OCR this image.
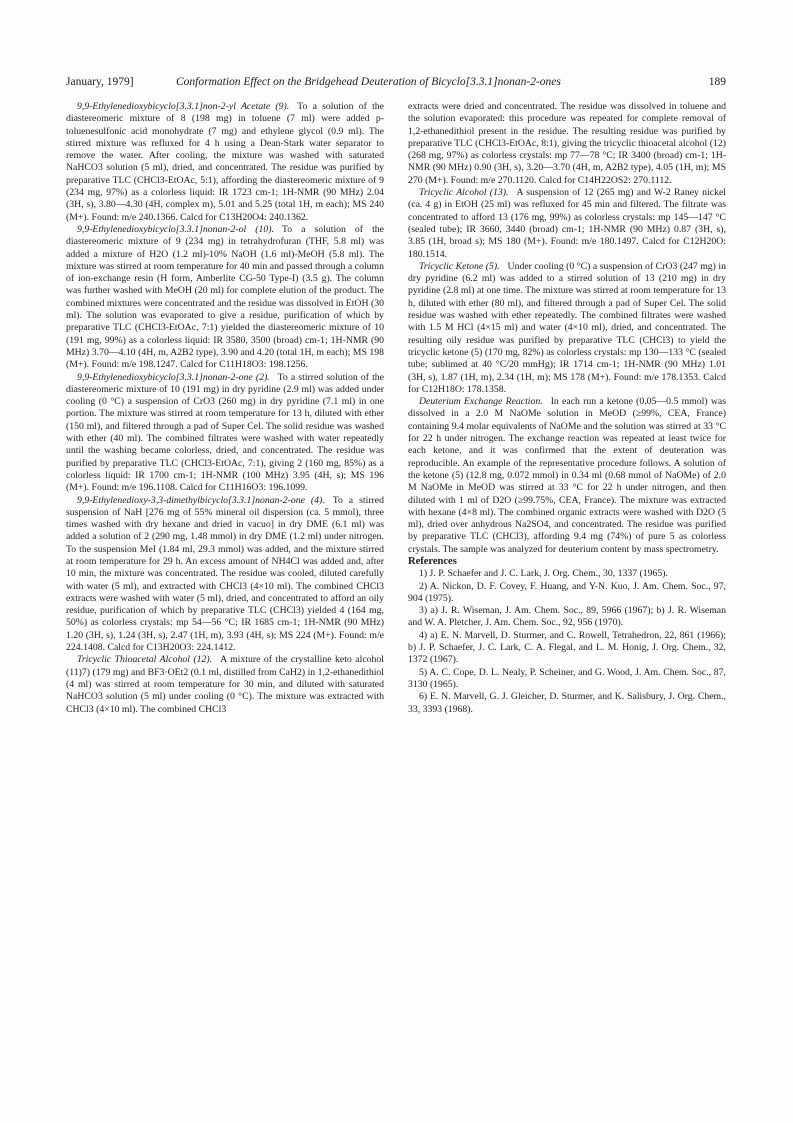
January, 1979]	Conformation Effect on the Bridgehead Deuteration of Bicyclo[3.3.1]nonan-2-ones	189

9,9-Ethylenedioxybicyclo[3.3.1]non-2-yl Acetate (9). To a solution of the diastereomeric mixture of 8 (198 mg) in toluene (7 ml) were added p-toluenesulfonic acid monohydrate (7 mg) and ethylene glycol (0.9 ml). The stirred mixture was refluxed for 4 h using a Dean-Stark water separator to remove the water. After cooling, the mixture was washed with saturated NaHCO3 solution (5 ml), dried, and concentrated. The residue was purified by preparative TLC (CHCl3-EtOAc, 5:1), affording the diastereomeric mixture of 9 (234 mg, 97%) as a colorless liquid: IR 1723 cm-1; 1H-NMR (90 MHz) 2.04 (3H, s), 3.80—4.30 (4H, complex m), 5.01 and 5.25 (total 1H, m each); MS 240 (M+). Found: m/e 240.1366. Calcd for C13H20O4: 240.1362.

9,9-Ethylenedioxybicyclo[3.3.1]nonan-2-ol (10). To a solution of the diastereomeric mixture of 9 (234 mg) in tetrahydrofuran (THF, 5.8 ml) was added a mixture of H2O (1.2 ml)-10% NaOH (1.6 ml)-MeOH (5.8 ml). The mixture was stirred at room temperature for 40 min and passed through a column of ion-exchange resin (H form, Amberlite CG-50 Type-I) (3.5 g). The column was further washed with MeOH (20 ml) for complete elution of the product. The combined mixtures were concentrated and the residue was dissolved in EtOH (30 ml). The solution was evaporated to give a residue, purification of which by preparative TLC (CHCl3-EtOAc, 7:1) yielded the diastereomeric mixture of 10 (191 mg, 99%) as a colorless liquid: IR 3580, 3500 (broad) cm-1; 1H-NMR (90 MHz) 3.70—4.10 (4H, m, A2B2 type), 3.90 and 4.20 (total 1H, m each); MS 198 (M+). Found: m/e 198.1247. Calcd for C11H18O3: 198.1256.

9,9-Ethylenedioxybicyclo[3.3.1]nonan-2-one (2). To a stirred solution of the diastereomeric mixture of 10 (191 mg) in dry pyridine (2.9 ml) was added under cooling (0 °C) a suspension of CrO3 (260 mg) in dry pyridine (7.1 ml) in one portion. The mixture was stirred at room temperature for 13 h, diluted with ether (150 ml), and filtered through a pad of Super Cel. The solid residue was washed with ether (40 ml). The combined filtrates were washed with water repeatedly until the washing became colorless, dried, and concentrated. The residue was purified by preparative TLC (CHCl3-EtOAc, 7:1), giving 2 (160 mg, 85%) as a colorless liquid: IR 1700 cm-1; 1H-NMR (100 MHz) 3.95 (4H, s); MS 196 (M+). Found: m/e 196.1108. Calcd for C11H16O3: 196.1099.

9,9-Ethylenedioxy-3,3-dimethylbicyclo[3.3.1]nonan-2-one (4). To a stirred suspension of NaH [276 mg of 55% mineral oil dispersion (ca. 5 mmol), three times washed with dry hexane and dried in vacuo] in dry DME (6.1 ml) was added a solution of 2 (290 mg, 1.48 mmol) in dry DME (1.2 ml) under nitrogen. To the suspension MeI (1.84 ml, 29.3 mmol) was added, and the mixture stirred at room temperature for 29 h. An excess amount of NH4Cl was added and, after 10 min, the mixture was concentrated. The residue was cooled, diluted carefully with water (5 ml), and extracted with CHCl3 (4×10 ml). The combined CHCl3 extracts were washed with water (5 ml), dried, and concentrated to afford an oily residue, purification of which by preparative TLC (CHCl3) yielded 4 (164 mg, 50%) as colorless crystals: mp 54—56 °C; IR 1685 cm-1; 1H-NMR (90 MHz) 1.20 (3H, s), 1.24 (3H, s), 2.47 (1H, m), 3.93 (4H, s); MS 224 (M+). Found: m/e 224.1408. Calcd for C13H20O3: 224.1412.

Tricyclic Thioacetal Alcohol (12). A mixture of the crystalline keto alcohol (11)7) (179 mg) and BF3·OEt2 (0.1 ml, distilled from CaH2) in 1,2-ethanedithiol (4 ml) was stirred at room temperature for 30 min, and diluted with saturated NaHCO3 solution (5 ml) under cooling (0 °C). The mixture was extracted with CHCl3 (4×10 ml). The combined CHCl3

extracts were dried and concentrated. The residue was dissolved in toluene and the solution evaporated: this procedure was repeated for complete removal of 1,2-ethanedithiol present in the residue. The resulting residue was purified by preparative TLC (CHCl3-EtOAc, 8:1), giving the tricyclic thioacetal alcohol (12) (268 mg, 97%) as colorless crystals: mp 77—78 °C; IR 3400 (broad) cm-1; 1H-NMR (90 MHz) 0.90 (3H, s), 3.20—3.70 (4H, m, A2B2 type), 4.05 (1H, m); MS 270 (M+). Found: m/e 270.1120. Calcd for C14H22OS2: 270.1112.

Tricyclic Alcohol (13). A suspension of 12 (265 mg) and W-2 Raney nickel (ca. 4 g) in EtOH (25 ml) was refluxed for 45 min and filtered. The filtrate was concentrated to afford 13 (176 mg, 99%) as colorless crystals: mp 145—147 °C (sealed tube); IR 3660, 3440 (broad) cm-1; 1H-NMR (90 MHz) 0.87 (3H, s), 3.85 (1H, broad s); MS 180 (M+). Found: m/e 180.1497. Calcd for C12H20O: 180.1514.

Tricyclic Ketone (5). Under cooling (0 °C) a suspension of CrO3 (247 mg) in dry pyridine (6.2 ml) was added to a stirred solution of 13 (210 mg) in dry pyridine (2.8 ml) at one time. The mixture was stirred at room temperature for 13 h, diluted with ether (80 ml), and filtered through a pad of Super Cel. The solid residue was washed with ether repeatedly. The combined filtrates were washed with 1.5 M HCl (4×15 ml) and water (4×10 ml), dried, and concentrated. The resulting oily residue was purified by preparative TLC (CHCl3) to yield the tricyclic ketone (5) (170 mg, 82%) as colorless crystals: mp 130—133 °C (sealed tube; sublimed at 40 °C/20 mmHg); IR 1714 cm-1; 1H-NMR (90 MHz) 1.01 (3H, s), 1.87 (1H, m), 2.34 (1H, m); MS 178 (M+). Found: m/e 178.1353. Calcd for C12H18O: 178.1358.

Deuterium Exchange Reaction. In each run a ketone (0.05—0.5 mmol) was dissolved in a 2.0 M NaOMe solution in MeOD (≥99%, CEA, France) containing 9.4 molar equivalents of NaOMe and the solution was stirred at 33 °C for 22 h under nitrogen. The exchange reaction was repeated at least twice for each ketone, and it was confirmed that the extent of deuteration was reproducible. An example of the representative procedure follows. A solution of the ketone (5) (12.8 mg, 0.072 mmol) in 0.34 ml (0.68 mmol of NaOMe) of 2.0 M NaOMe in MeOD was stirred at 33 °C for 22 h under nitrogen, and then diluted with 1 ml of D2O (≥99.75%, CEA, France). The mixture was extracted with hexane (4×8 ml). The combined organic extracts were washed with D2O (5 ml), dried over anhydrous Na2SO4, and concentrated. The residue was purified by preparative TLC (CHCl3), affording 9.4 mg (74%) of pure 5 as colorless crystals. The sample was analyzed for deuterium content by mass spectrometry.

References

1) J. P. Schaefer and J. C. Lark, J. Org. Chem., 30, 1337 (1965).

2) A. Nickon, D. F. Covey, F. Huang, and Y-N. Kuo, J. Am. Chem. Soc., 97, 904 (1975).

3) a) J. R. Wiseman, J. Am. Chem. Soc., 89, 5966 (1967); b) J. R. Wiseman and W. A. Pletcher, J. Am. Chem. Soc., 92, 956 (1970).

4) a) E. N. Marvell, D. Sturmer, and C. Rowell, Tetrahedron, 22, 861 (1966); b) J. P. Schaefer, J. C. Lark, C. A. Flegal, and L. M. Honig, J. Org. Chem., 32, 1372 (1967).

5) A. C. Cope, D. L. Nealy, P. Scheiner, and G. Wood, J. Am. Chem. Soc., 87, 3130 (1965).

6) E. N. Marvell, G. J. Gleicher, D. Sturmer, and K. Salisbury, J. Org. Chem., 33, 3393 (1968).
